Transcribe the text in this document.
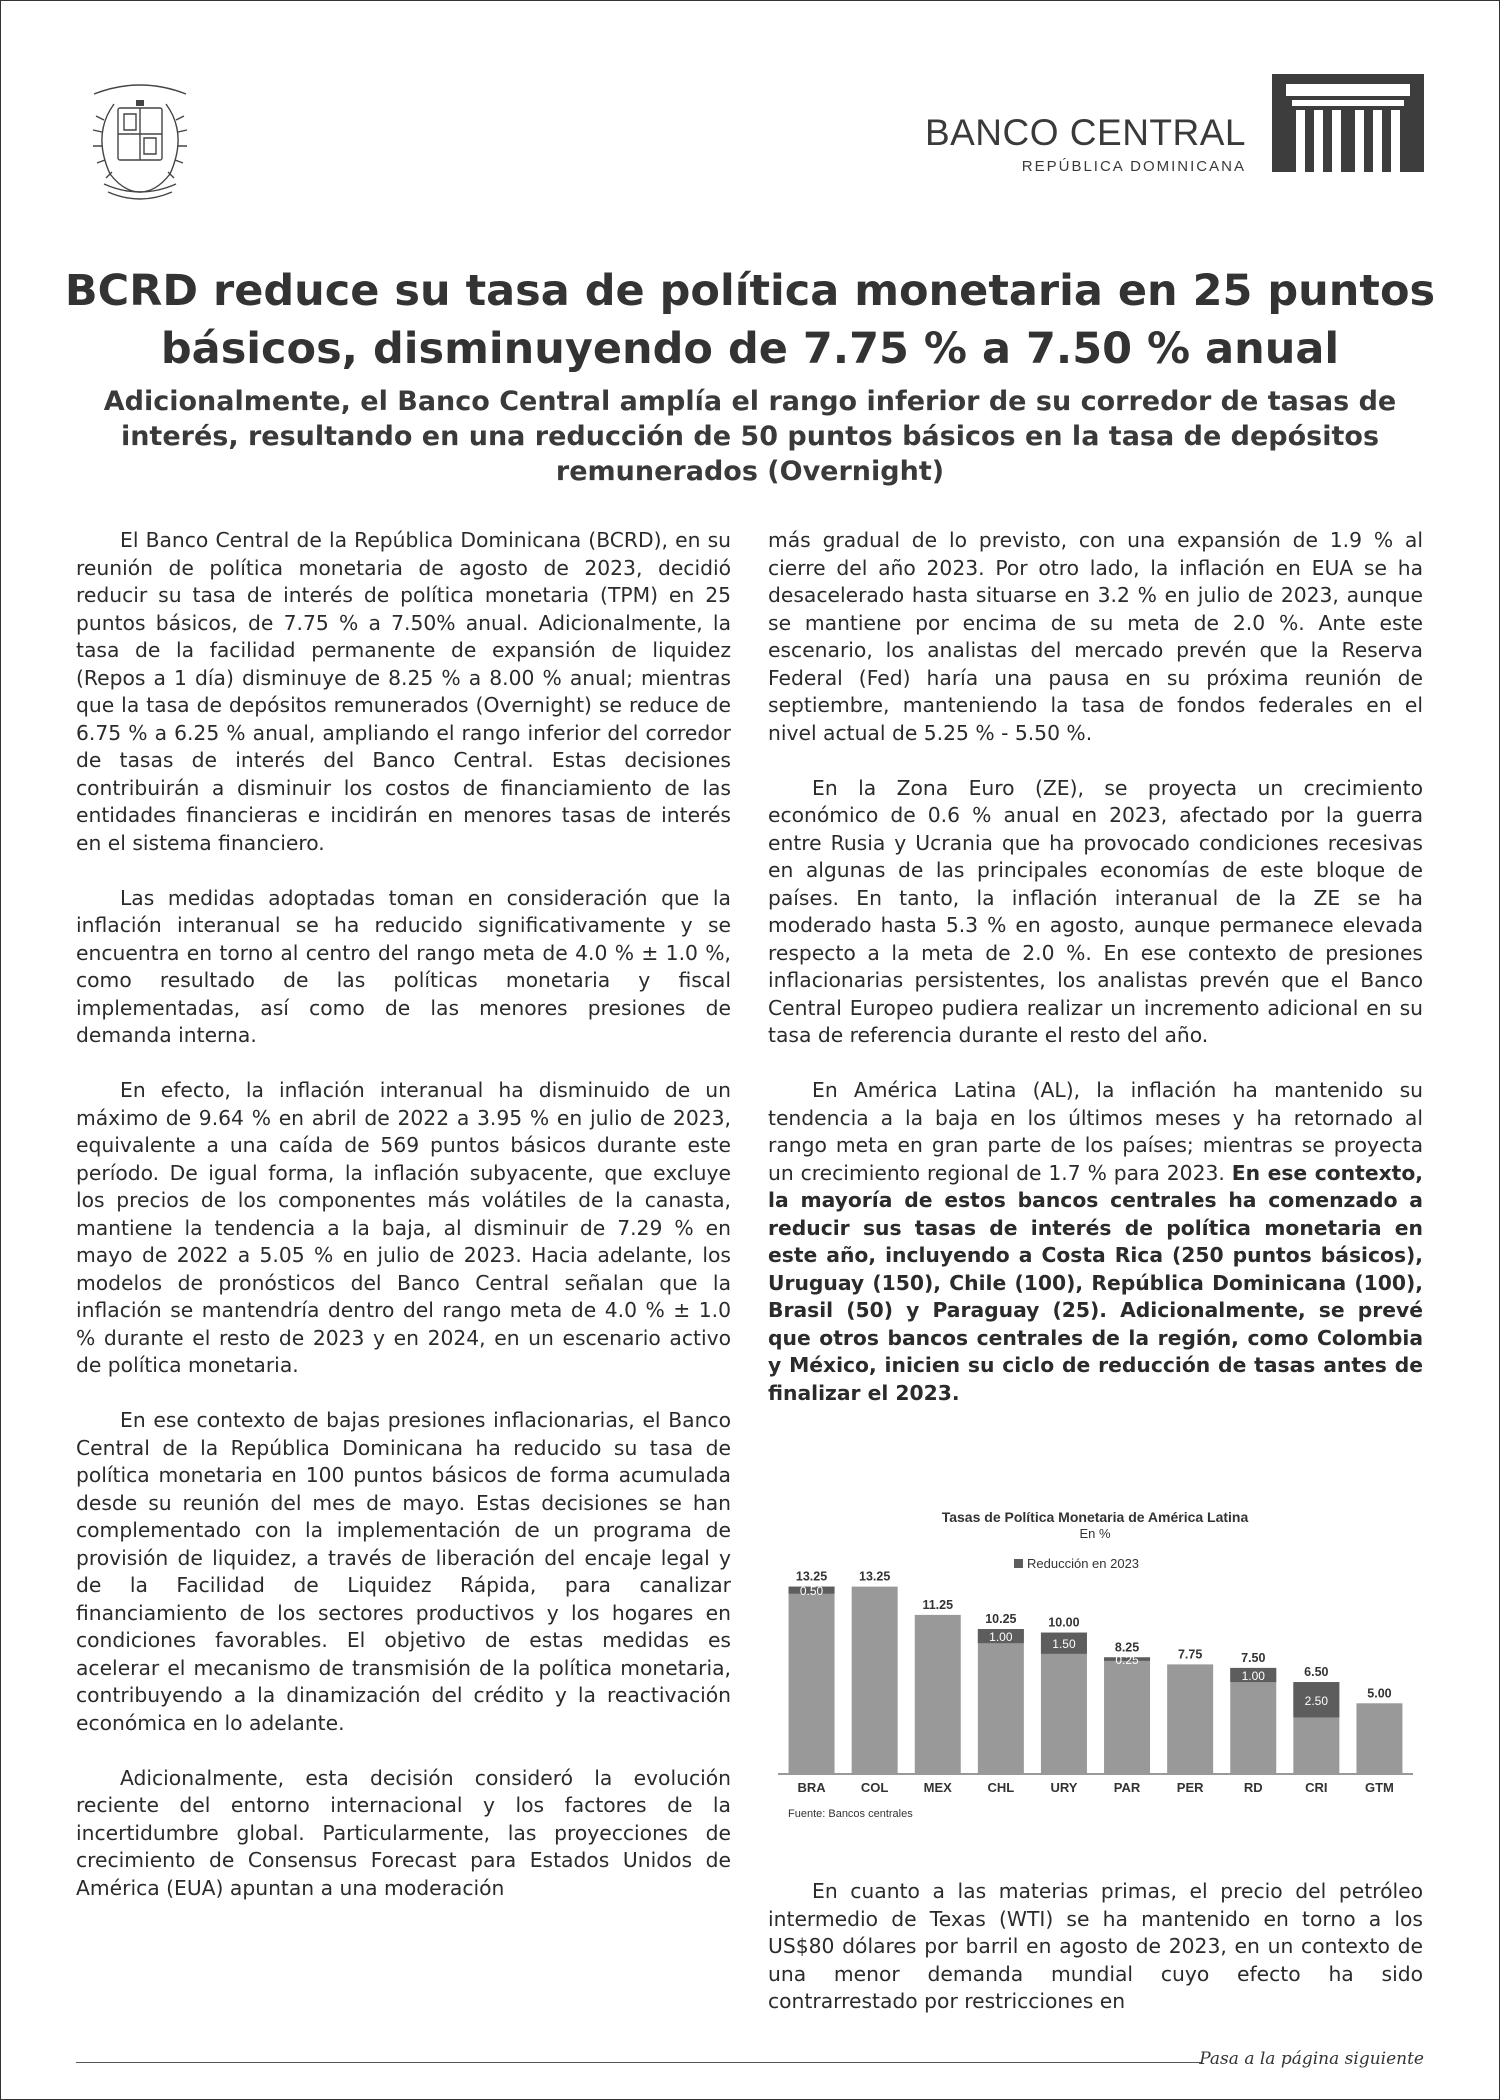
BANCO CENTRAL
REPÚBLICA DOMINICANA
BCRD reduce su tasa de política monetaria en 25 puntos básicos, disminuyendo de 7.75 % a 7.50 % anual
Adicionalmente, el Banco Central amplía el rango inferior de su corredor de tasas de interés, resultando en una reducción de 50 puntos básicos en la tasa de depósitos remunerados (Overnight)

El Banco Central de la República Dominicana (BCRD), en su reunión de política monetaria de agosto de 2023, decidió reducir su tasa de interés de política monetaria (TPM) en 25 puntos básicos, de 7.75 % a 7.50% anual. Adicionalmente, la tasa de la facilidad permanente de expansión de liquidez (Repos a 1 día) disminuye de 8.25 % a 8.00 % anual; mientras que la tasa de depósitos remunerados (Overnight) se reduce de 6.75 % a 6.25 % anual, ampliando el rango inferior del corredor de tasas de interés del Banco Central. Estas decisiones contribuirán a disminuir los costos de financiamiento de las entidades financieras e incidirán en menores tasas de interés en el sistema financiero.

Las medidas adoptadas toman en consideración que la inflación interanual se ha reducido significativamente y se encuentra en torno al centro del rango meta de 4.0 % ± 1.0 %, como resultado de las políticas monetaria y fiscal implementadas, así como de las menores presiones de demanda interna.

En efecto, la inflación interanual ha disminuido de un máximo de 9.64 % en abril de 2022 a 3.95 % en julio de 2023, equivalente a una caída de 569 puntos básicos durante este período. De igual forma, la inflación subyacente, que excluye los precios de los componentes más volátiles de la canasta, mantiene la tendencia a la baja, al disminuir de 7.29 % en mayo de 2022 a 5.05 % en julio de 2023. Hacia adelante, los modelos de pronósticos del Banco Central señalan que la inflación se mantendría dentro del rango meta de 4.0 % ± 1.0 % durante el resto de 2023 y en 2024, en un escenario activo de política monetaria.

En ese contexto de bajas presiones inflacionarias, el Banco Central de la República Dominicana ha reducido su tasa de política monetaria en 100 puntos básicos de forma acumulada desde su reunión del mes de mayo. Estas decisiones se han complementado con la implementación de un programa de provisión de liquidez, a través de liberación del encaje legal y de la Facilidad de Liquidez Rápida, para canalizar financiamiento de los sectores productivos y los hogares en condiciones favorables. El objetivo de estas medidas es acelerar el mecanismo de transmisión de la política monetaria, contribuyendo a la dinamización del crédito y la reactivación económica en lo adelante.

Adicionalmente, esta decisión consideró la evolución reciente del entorno internacional y los factores de la incertidumbre global. Particularmente, las proyecciones de crecimiento de Consensus Forecast para Estados Unidos de América (EUA) apuntan a una moderación

más gradual de lo previsto, con una expansión de 1.9 % al cierre del año 2023. Por otro lado, la inflación en EUA se ha desacelerado hasta situarse en 3.2 % en julio de 2023, aunque se mantiene por encima de su meta de 2.0 %. Ante este escenario, los analistas del mercado prevén que la Reserva Federal (Fed) haría una pausa en su próxima reunión de septiembre, manteniendo la tasa de fondos federales en el nivel actual de 5.25 % - 5.50 %.

En la Zona Euro (ZE), se proyecta un crecimiento económico de 0.6 % anual en 2023, afectado por la guerra entre Rusia y Ucrania que ha provocado condiciones recesivas en algunas de las principales economías de este bloque de países. En tanto, la inflación interanual de la ZE se ha moderado hasta 5.3 % en agosto, aunque permanece elevada respecto a la meta de 2.0 %. En ese contexto de presiones inflacionarias persistentes, los analistas prevén que el Banco Central Europeo pudiera realizar un incremento adicional en su tasa de referencia durante el resto del año.

En América Latina (AL), la inflación ha mantenido su tendencia a la baja en los últimos meses y ha retornado al rango meta en gran parte de los países; mientras se proyecta un crecimiento regional de 1.7 % para 2023. En ese contexto, la mayoría de estos bancos centrales ha comenzado a reducir sus tasas de interés de política monetaria en este año, incluyendo a Costa Rica (250 puntos básicos), Uruguay (150), Chile (100), República Dominicana (100), Brasil (50) y Paraguay (25). Adicionalmente, se prevé que otros bancos centrales de la región, como Colombia y México, inicien su ciclo de reducción de tasas antes de finalizar el 2023.

Tasas de Política Monetaria de América Latina
En %
Reducción en 2023
0.50
13.25
BRA
13.25
COL
11.25
MEX
1.00
10.25
CHL
1.50
10.00
URY
0.25
8.25
PAR
7.75
PER
1.00
7.50
RD
2.50
6.50
CRI
5.00
GTM
Fuente: Bancos centrales

En cuanto a las materias primas, el precio del petróleo intermedio de Texas (WTI) se ha mantenido en torno a los US$80 dólares por barril en agosto de 2023, en un contexto de una menor demanda mundial cuyo efecto ha sido contrarrestado por restricciones en

Pasa a la página siguiente
